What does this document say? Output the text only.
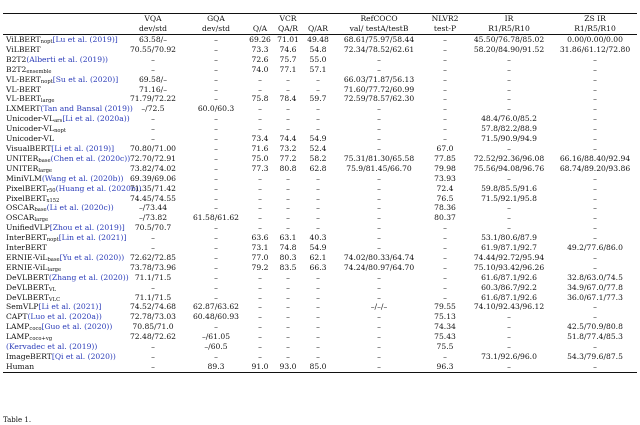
	VQA	GQA		VCR		RefCOCO	NLVR2	IR	ZS IR
	dev/std	dev/std	Q/A	QA/R	Q/AR	val/ testA/testB	test-P	R1/R5/R10	R1/R5/R10
ViLBERT$_{nopt}$[Lu et al. (2019)]	63.58/–	–	69.26	71.01	49.48	68.61/75.97/58.44	–	45.50/76.78/85.02	0.00/0.00/0.00
ViLBERT	70.55/70.92	–	73.3	74.6	54.8	72.34/78.52/62.61	–	58.20/84.90/91.52	31.86/61.12/72.80
B2T2(Alberti et al. (2019))	–	–	72.6	75.7	55.0	–	–	–	–
$B2T2_{ensemble}$	–	–	74.0	77.1	57.1	–	–	–	–
$VL-BERT_{nopt}[Su$ et al. (2020)]	69.58/–	–	–	–	–	66.03/71.87/56.13	–	–	–
VL-BERT	71.16/–	–	–	–	–	71.60/77.72/60.99	–	–	–
$VL-BERT_{large}$	71.79/72.22	–	75.8	78.4	59.7	72.59/78.57/62.30	–	–	–
LXMERT(Tan and Bansal (2019))	–/72.5	60.0/60.3	–	–	–	–	–	–	–
Unicoder-$VL_{ars}[Li$ et al. (2020a))	–	–	–	–	–	–	–	48.4/76.0/85.2	–
Unicoder-$VL_{nopt}$	–	–	–	–	–	–	–	57.8/82.2/88.9	–
Unicoder-VL	–	–	73.4	74.4	54.9	–	–	71.5/90.9/94.9	–
VisualBERT[Li et al. (2019)]	70.80/71.00	–	71.6	73.2	52.4	–	67.0	–	–
$UNITER_{base}(Chen$ et al. (2020c))	72.70/72.91	–	75.0	77.2	58.2	75.31/81.30/65.58	77.85	72.52/92.36/96.08	66.16/88.40/92.94
$UNITER_{large}$	73.82/74.02	–	77.3	80.8	62.8	75.9/81.45/66.70	79.98	75.56/94.08/96.76	68.74/89.20/93.86
MiniVLM(Wang et al. (2020b))	69.39/69.06	–	–	–	–	–	73.93	–	–
PixelBERT$_{r50}$(Huang et al. (2020b))	71.35/71.42	–	–	–	–	–	72.4	59.8/85.5/91.6	–
PixelBERT$_{x152}$	74.45/74.55	–	–	–	–	–	76.5	71.5/92.1/95.8	–
$OSCAR_{base}(Li$ et al. (2020c))	–/73.44	–	–	–	–	–	78.36	–	–
$OSCAR_{large}$	–/73.82	61.58/61.62	–	–	–	–	80.37	–	–
UnifiedVLP[Zhou et al. (2019)]	70.5/70.7	–	–	–	–	–	–	–	–
InterBERT$_{nopt}$[Lin et al. (2021)]	–	–	63.6	63.1	40.3	–	–	53.1/80.6/87.9	–
InterBERT	–	–	73.1	74.8	54.9	–	–	61.9/87.1/92.7	49.2/77.6/86.0
ERNIE-ViL$_{base}$[Yu et al. (2020))	72.62/72.85	–	77.0	80.3	62.1	74.02/80.33/64.74	–	74.44/92.72/95.94	–
ERNIE-ViL$_{large}$	73.78/73.96	–	79.2	83.5	66.3	74.24/80.97/64.70	–	75.10/93.42/96.26	–
DeVLBERT(Zhang et al. (2020))	71.1/71.5	–	–	–	–	–	–	61.6/87.1/92.6	32.8/63.0/74.5
DeVLBERT$_{VL}$	–	–	–	–	–	–	–	60.3/86.7/92.2	34.9/67.0/77.8
DeVLBERT$_{VLC}$	71.1/71.5	–	–	–	–	–	–	61.6/87.1/92.6	36.0/67.1/77.3
SemVLP[Li et al. (2021)]	74.52/74.68	62.87/63.62	–	–	–	–/–/–	79.55	74.10/92.43/96.12	–
CAPT(Luo et al. (2020a))	72.78/73.03	60.48/60.93	–	–	–	–	75.13	–	–
$LAMP_{coco}[Guo$ et al. (2020))	70.85/71.0	–	–	–	–	–	74.34	–	42.5/70.9/80.8
$LAMP_{coco+vg}$	72.48/72.62	–/61.05	–	–	–	–	75.43	–	51.8/77.4/85.3
(Kervadec et al. (2019))	–	–/60.5	–	–	–	–	75.5	–	–
ImageBERT[Qi et al. (2020))	–	–	–	–	–	–	–	73.1/92.6/96.0	54.3/79.6/87.5
Human	–	89.3	91.0	93.0	85.0	–	96.3	–	–
Table 1.
